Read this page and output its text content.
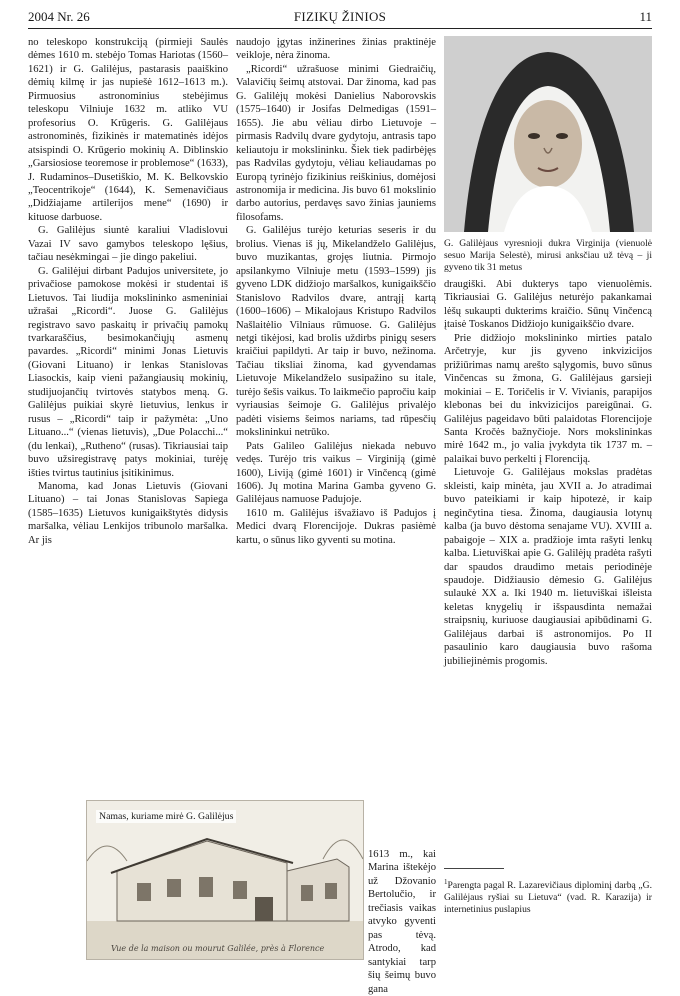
2004 Nr. 26	FIZIKŲ ŽINIOS	11

no teleskopo konstrukciją (pirmieji Saulės dėmes 1610 m. stebėjo Tomas Hariotas (1560–1621) ir G. Galilėjus, pastarasis paaiškino dėmių kilmę ir jas nupiešė 1612–1613 m.). Pirmuosius astronominius stebėjimus teleskopu Vilniuje 1632 m. atliko VU profesorius O. Krūgeris. G. Galilėjaus astronominės, fizikinės ir matematinės idėjos atsispindi O. Krūgerio mokinių A. Diblinskio „Garsiosiose teoremose ir problemose“ (1633), J. Rudaminos–Dusetiškio, M. K. Belkovskio „Teocentrikoje“ (1644), K. Semenavičiaus „Didžiajame artilerijos mene“ (1690) ir kituose darbuose.

G. Galilėjus siuntė karaliui Vladislovui Vazai IV savo gamybos teleskopo lęšius, tačiau nesėkmingai – jie dingo pakeliui.

G. Galilėjui dirbant Padujos universitete, jo privačiose pamokose mokėsi ir studentai iš Lietuvos. Tai liudija mokslininko asmeniniai užrašai „Ricordi“. Juose G. Galilėjus registravo savo paskaitų ir privačių pamokų tvarkaraščius, besimokančiųjų asmenų pavardes. „Ricordi“ minimi Jonas Lietuvis (Giovani Lituano) ir lenkas Stanislovas Liasockis, kaip vieni pažangiausių mokinių, studijuojančių tvirtovės statybos meną. G. Galilėjus puikiai skyrė lietuvius, lenkus ir rusus – „Ricordi“ taip ir pažymėta: „Uno Lituano...“ (vienas lietuvis), „Due Polacchi...“ (du lenkai), „Rutheno“ (rusas). Tikriausiai taip buvo užsiregistravę patys mokiniai, turėję išties tvirtus tautinius įsitikinimus.

Manoma, kad Jonas Lietuvis (Giovani Lituano) – tai Jonas Stanislovas Sapiega (1585–1635) Lietuvos kunigaikštytės didysis maršalka, vėliau Lenkijos tribunolo maršalka. Ar jis

naudojo įgytas inžinerines žinias praktinėje veikloje, nėra žinoma.

„Ricordi“ užrašuose minimi Giedraičių, Valavičių šeimų atstovai. Dar žinoma, kad pas G. Galilėjų mokėsi Danielius Naborovskis (1575–1640) ir Josifas Delmedigas (1591–1655). Jie abu vėliau dirbo Lietuvoje – pirmasis Radvilų dvare gydytoju, antrasis tapo keliautoju ir mokslininku. Šiek tiek padirbėjęs pas Radvilas gydytoju, vėliau keliaudamas po Europą tyrinėjo fizikinius reiškinius, domėjosi astronomija ir medicina. Jis buvo 61 mokslinio darbo autorius, perdavęs savo žinias jauniems filosofams.

G. Galilėjus turėjo keturias seseris ir du brolius. Vienas iš jų, Mikelandželo Galilėjus, buvo muzikantas, grojęs liutnia. Pirmojo apsilankymo Vilniuje metu (1593–1599) jis gyveno LDK didžiojo maršalkos, kunigaikščio Stanislovo Radvilos dvare, antrąjį kartą (1600–1606) – Mikalojaus Kristupo Radvilos Našlaitėlio Vilniaus rūmuose. G. Galilėjus netgi tikėjosi, kad brolis uždirbs pinigų sesers kraičiui papildyti. Ar taip ir buvo, nežinoma. Tačiau tiksliai žinoma, kad gyvendamas Lietuvoje Mikelandželo susipažino su itale, turėjo šešis vaikus. To laikmečio papročiu kaip vyriausias šeimoje G. Galilėjus privalėjo padėti visiems šeimos nariams, tad rūpesčių mokslininkui netrūko.

Pats Galileo Galilėjus niekada nebuvo vedęs. Turėjo tris vaikus – Virginiją (gimė 1600), Liviją (gimė 1601) ir Vinčencą (gimė 1606). Jų motina Marina Gamba gyveno G. Galilėjaus namuose Padujoje.

1610 m. Galilėjus išvažiavo iš Padujos į Medici dvarą Florencijoje. Dukras pasiėmė kartu, o sūnus liko gyventi su motina.

G. Galilėjaus vyresnioji dukra Virginija (vienuolė sesuo Marija Selestė), mirusi anksčiau už tėvą – ji gyveno tik 31 metus

draugiški. Abi dukterys tapo vienuolėmis. Tikriausiai G. Galilėjus neturėjo pakankamai lėšų sukaupti dukterims kraičio. Sūnų Vinčencą įtaisė Toskanos Didžiojo kunigaikščio dvare.

Prie didžiojo mokslininko mirties patalo Arčetryje, kur jis gyveno inkvizicijos prižiūrimas namų arešto sąlygomis, buvo sūnus Vinčencas su žmona, G. Galilėjaus garsieji mokiniai – E. Toričelis ir V. Vivianis, parapijos klebonas bei du inkvizicijos pareigūnai. G. Galilėjus pageidavo būti palaidotas Florencijoje Santa Kročės bažnyčioje. Nors mokslininkas mirė 1642 m., jo valia įvykdyta tik 1737 m. – palaikai buvo perkelti į Florenciją.

Lietuvoje G. Galilėjaus mokslas pradėtas skleisti, kaip minėta, jau XVII a. Jo atradimai buvo pateikiami ir kaip hipotezė, ir kaip neginčytina tiesa. Žinoma, daugiausia lotynų kalba (ja buvo dėstoma senajame VU). XVIII a. pabaigoje – XIX a. pradžioje imta rašyti lenkų kalba. Lietuviškai apie G. Galilėjų pradėta rašyti dar spaudos draudimo metais periodinėje spaudoje. Didžiausio dėmesio G. Galilėjus sulaukė XX a. Iki 1940 m. lietuviškai išleista keletas knygelių ir išspausdinta nemažai straipsnių, kuriuose daugiausiai apibūdinami G. Galilėjaus darbai iš astronomijos. Po II pasaulinio karo daugiausia buvo rašoma jubiliejinėmis progomis.

$^1$Parengta pagal R. Lazarevičiaus diplominį darbą „G. Galilėjaus ryšiai su Lietuva“ (vad. R. Karazija) ir internetinius puslapius
Vue de la maison ou mourut Galilée, près à Florence
Namas, kuriame mirė G. Galilėjus

1613 m., kai Marina ištekėjo už Džovanio Bertolučio, ir trečiasis vaikas atvyko gyventi pas tėvą. Atrodo, kad santykiai tarp šių šeimų buvo gana
